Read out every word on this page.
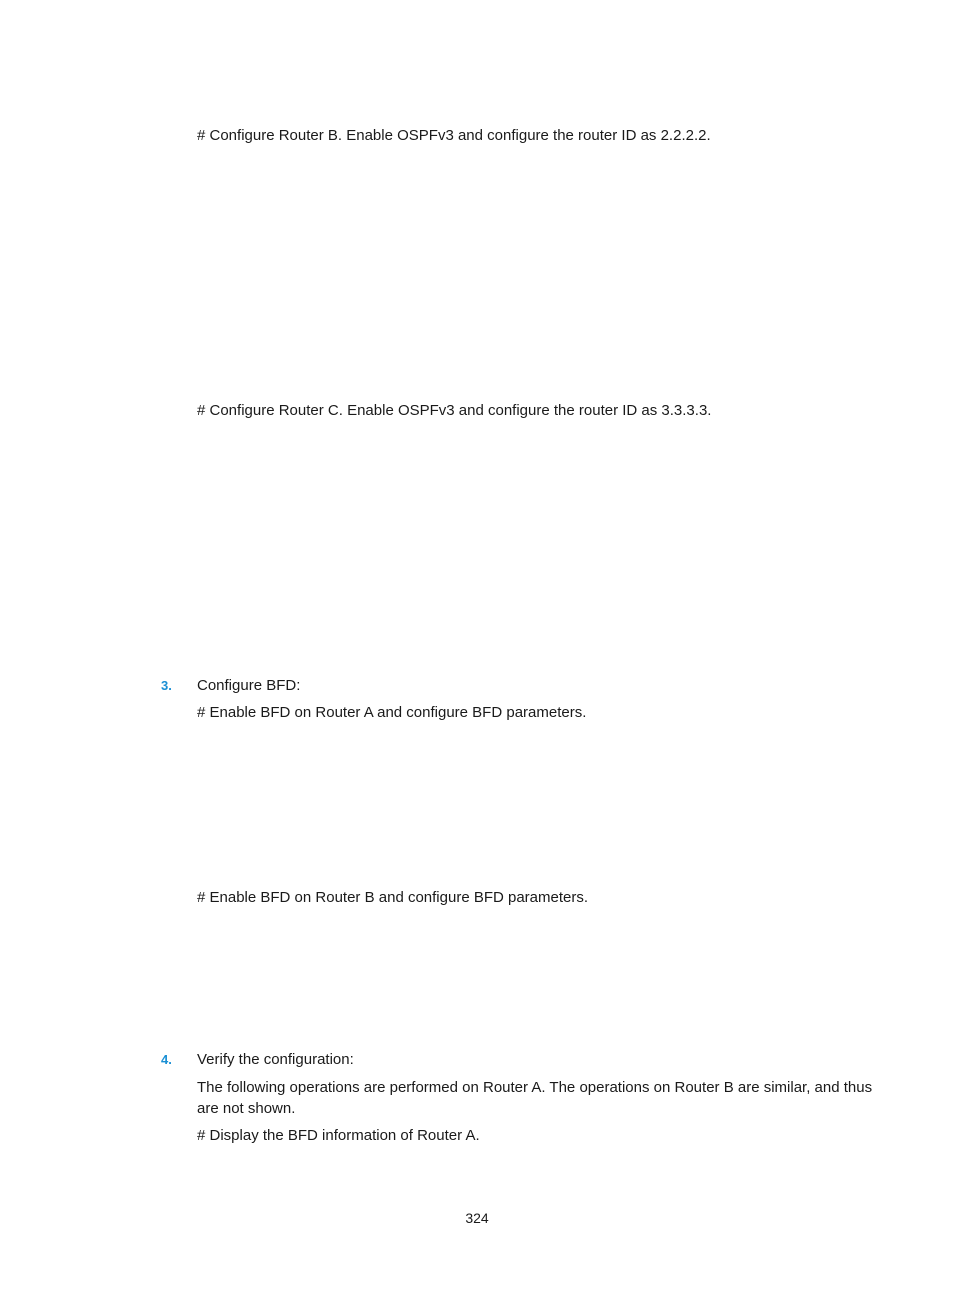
# Configure Router B. Enable OSPFv3 and configure the router ID as 2.2.2.2.
# Configure Router C. Enable OSPFv3 and configure the router ID as 3.3.3.3.
3. Configure BFD:
# Enable BFD on Router A and configure BFD parameters.
# Enable BFD on Router B and configure BFD parameters.
4. Verify the configuration:
The following operations are performed on Router A. The operations on Router B are similar, and thus are not shown.
# Display the BFD information of Router A.
324
